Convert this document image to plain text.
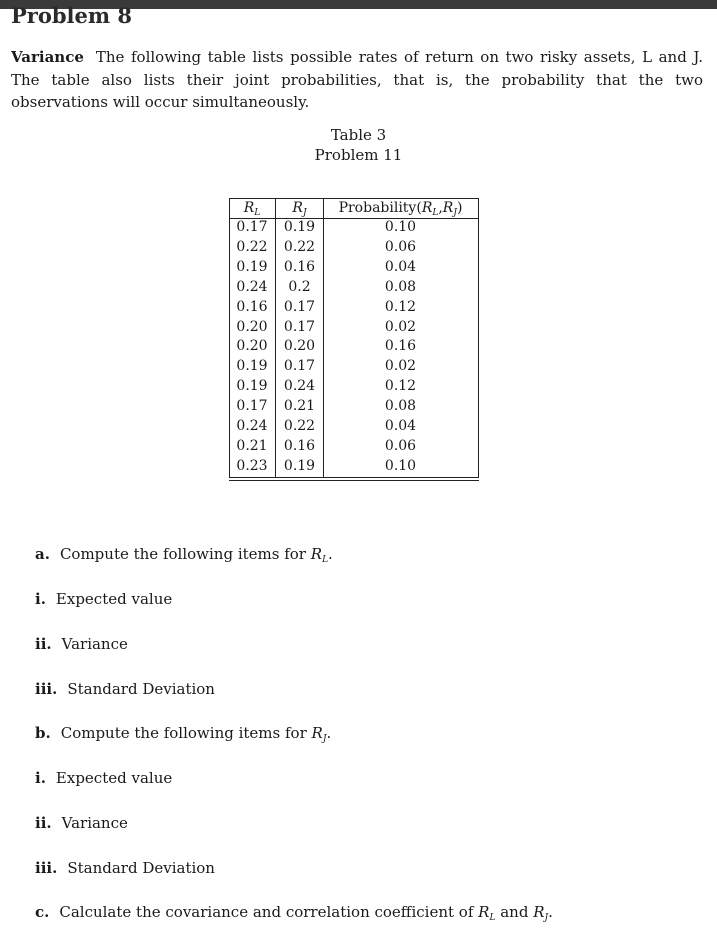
Problem 8

Variance The following table lists possible rates of return on two risky assets, L and J. The table also lists their joint probabilities, that is, the probability that the two observations will occur simultaneously.

Table 3
Problem 11
$R_L$	$R_J$	$Probability(R_L,R_J)$
0.17	0.19	0.10
0.22	0.22	0.06
0.19	0.16	0.04
0.24	0.2	0.08
0.16	0.17	0.12
0.20	0.17	0.02
0.20	0.20	0.16
0.19	0.17	0.02
0.19	0.24	0.12
0.17	0.21	0.08
0.24	0.22	0.04
0.21	0.16	0.06
0.23	0.19	0.10
a. Compute the following items for $R_L$.
i. Expected value
ii. Variance
iii. Standard Deviation
b. Compute the following items for $R_J$.
i. Expected value
ii. Variance
iii. Standard Deviation
c. Calculate the covariance and correlation coefficient of $R_L$ and $R_J$.
